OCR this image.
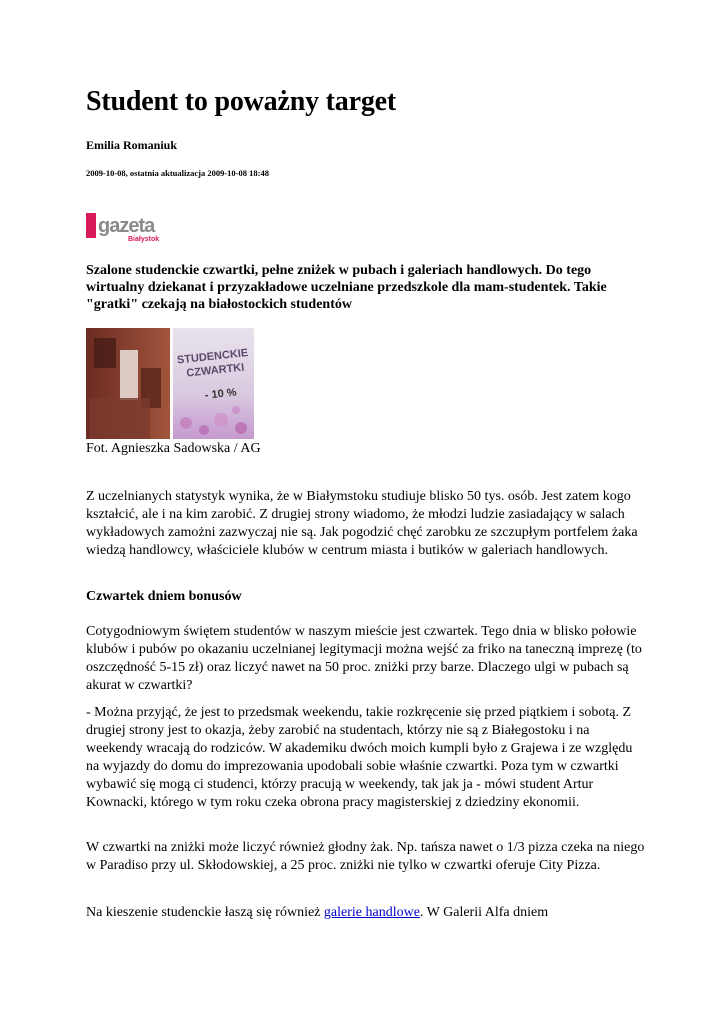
Student to poważny target
Emilia Romaniuk
2009-10-08, ostatnia aktualizacja 2009-10-08 18:48
gazeta
Białystok

Szalone studenckie czwartki, pełne zniżek w pubach i galeriach handlowych. Do tego wirtualny dziekanat i przyzakładowe uczelniane przedszkole dla mam-studentek. Takie "gratki" czekają na białostockich studentów

STUDENCKIE
CZWARTKI
- 10 %
Fot. Agnieszka Sadowska / AG

Z uczelnianych statystyk wynika, że w Białymstoku studiuje blisko 50 tys. osób. Jest zatem kogo kształcić, ale i na kim zarobić. Z drugiej strony wiadomo, że młodzi ludzie zasiadający w salach wykładowych zamożni zazwyczaj nie są. Jak pogodzić chęć zarobku ze szczupłym portfelem żaka wiedzą handlowcy, właściciele klubów w centrum miasta i butików w galeriach handlowych.

Czwartek dniem bonusów

Cotygodniowym świętem studentów w naszym mieście jest czwartek. Tego dnia w blisko połowie klubów i pubów po okazaniu uczelnianej legitymacji można wejść za friko na taneczną imprezę (to oszczędność 5-15 zł) oraz liczyć nawet na 50 proc. zniżki przy barze. Dlaczego ulgi w pubach są akurat w czwartki?

- Można przyjąć, że jest to przedsmak weekendu, takie rozkręcenie się przed piątkiem i sobotą. Z drugiej strony jest to okazja, żeby zarobić na studentach, którzy nie są z Białegostoku i na weekendy wracają do rodziców. W akademiku dwóch moich kumpli było z Grajewa i ze względu na wyjazdy do domu do imprezowania upodobali sobie właśnie czwartki. Poza tym w czwartki wybawić się mogą ci studenci, którzy pracują w weekendy, tak jak ja - mówi student Artur Kownacki, którego w tym roku czeka obrona pracy magisterskiej z dziedziny ekonomii.

W czwartki na zniżki może liczyć również głodny żak. Np. tańsza nawet o 1/3 pizza czeka na niego w Paradiso przy ul. Skłodowskiej, a 25 proc. zniżki nie tylko w czwartki oferuje City Pizza.

Na kieszenie studenckie łaszą się również galerie handlowe. W Galerii Alfa dniem
